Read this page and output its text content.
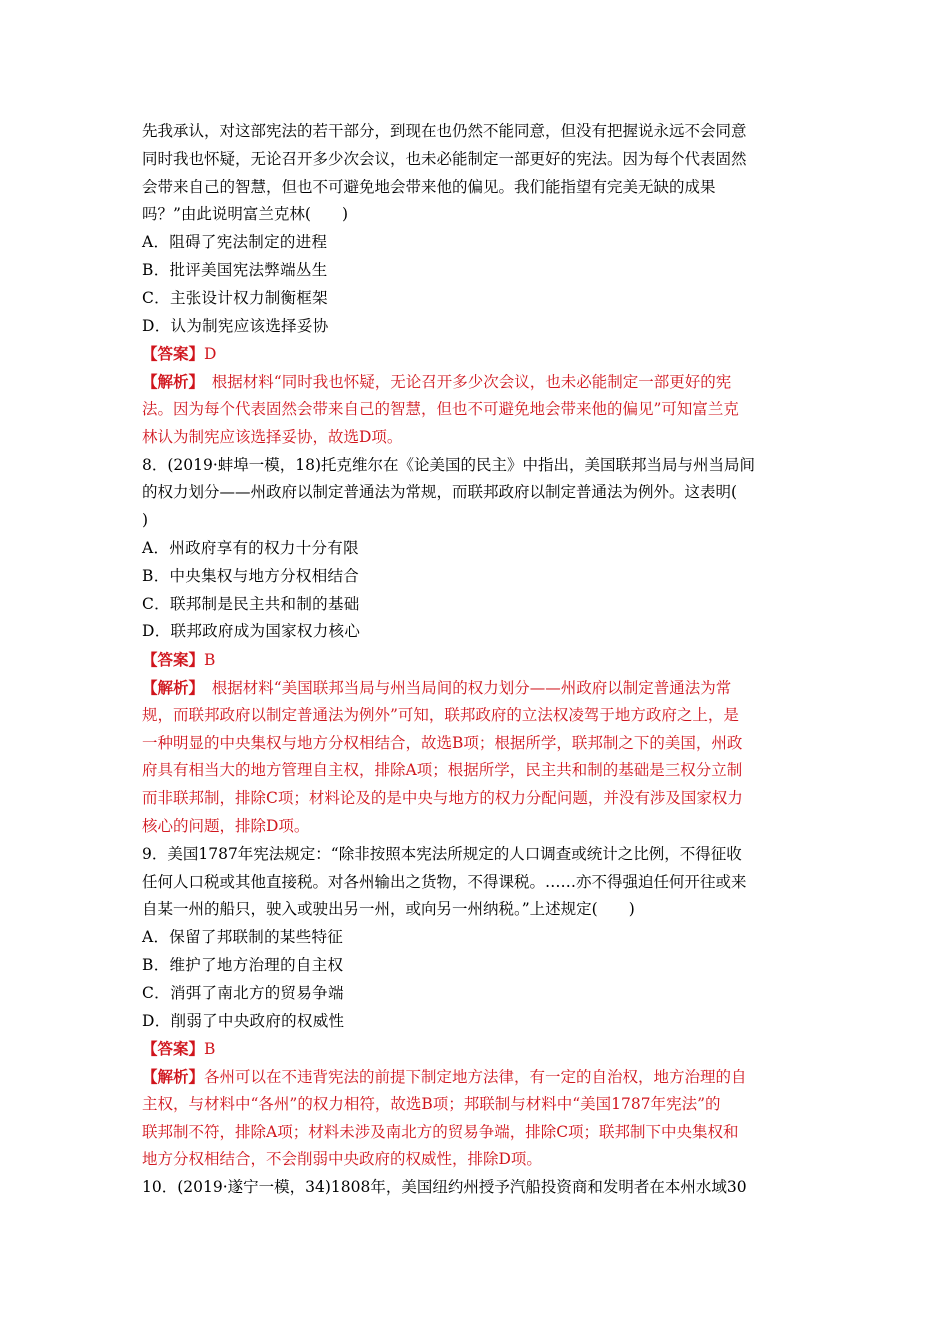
先我承认，对这部宪法的若干部分，到现在也仍然不能同意，但没有把握说永远不会同意
同时我也怀疑，无论召开多少次会议，也未必能制定一部更好的宪法。因为每个代表固然
会带来自己的智慧，但也不可避免地会带来他的偏见。我们能指望有完美无缺的成果
吗？”由此说明富兰克林(　　)
A．阻碍了宪法制定的进程
B．批评美国宪法弊端丛生
C．主张设计权力制衡框架
D．认为制宪应该选择妥协
【答案】D
【解析】　根据材料“同时我也怀疑，无论召开多少次会议，也未必能制定一部更好的宪
法。因为每个代表固然会带来自己的智慧，但也不可避免地会带来他的偏见”可知富兰克
林认为制宪应该选择妥协，故选D项。
8．(2019·蚌埠一模，18)托克维尔在《论美国的民主》中指出，美国联邦当局与州当局间
的权力划分——州政府以制定普通法为常规，而联邦政府以制定普通法为例外。这表明(
)
A．州政府享有的权力十分有限
B．中央集权与地方分权相结合
C．联邦制是民主共和制的基础
D．联邦政府成为国家权力核心
【答案】B
【解析】　根据材料“美国联邦当局与州当局间的权力划分——州政府以制定普通法为常
规，而联邦政府以制定普通法为例外”可知，联邦政府的立法权凌驾于地方政府之上，是
一种明显的中央集权与地方分权相结合，故选B项；根据所学，联邦制之下的美国，州政
府具有相当大的地方管理自主权，排除A项；根据所学，民主共和制的基础是三权分立制
而非联邦制，排除C项；材料论及的是中央与地方的权力分配问题，并没有涉及国家权力
核心的问题，排除D项。
9．美国1787年宪法规定：“除非按照本宪法所规定的人口调查或统计之比例，不得征收
任何人口税或其他直接税。对各州输出之货物，不得课税。……亦不得强迫任何开往或来
自某一州的船只，驶入或驶出另一州，或向另一州纳税。”上述规定(　　)
A．保留了邦联制的某些特征
B．维护了地方治理的自主权
C．消弭了南北方的贸易争端
D．削弱了中央政府的权威性
【答案】B
【解析】各州可以在不违背宪法的前提下制定地方法律，有一定的自治权，地方治理的自
主权，与材料中“各州”的权力相符，故选B项；邦联制与材料中“美国1787年宪法”的
联邦制不符，排除A项；材料未涉及南北方的贸易争端，排除C项；联邦制下中央集权和
地方分权相结合，不会削弱中央政府的权威性，排除D项。
10．(2019·遂宁一模，34)1808年，美国纽约州授予汽船投资商和发明者在本州水域30
